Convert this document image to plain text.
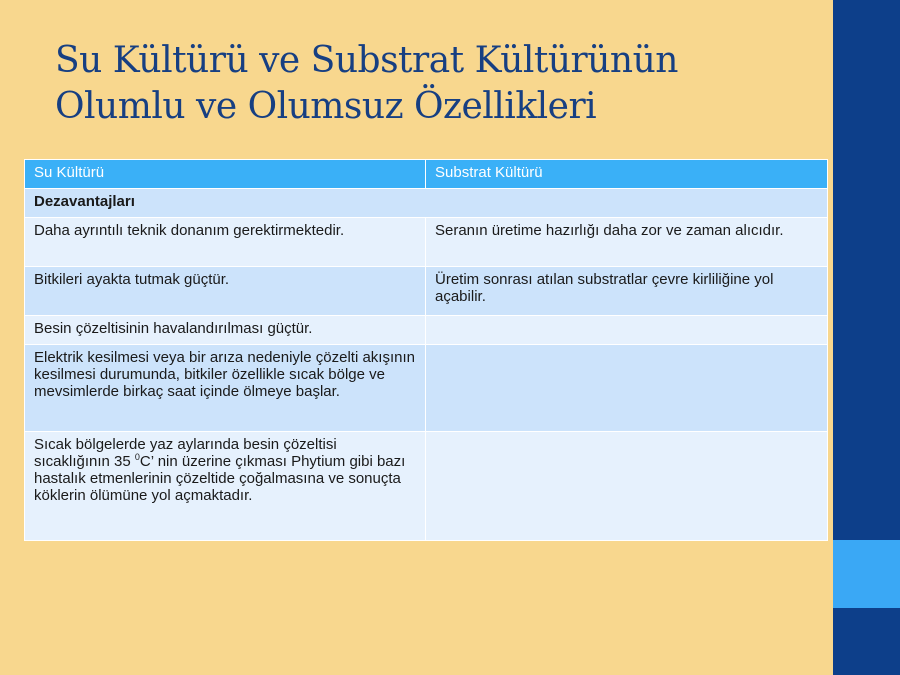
Su Kültürü ve Substrat Kültürünün Olumlu ve Olumsuz Özellikleri
Su Kültürü	Substrat Kültürü
Dezavantajları	
Daha ayrıntılı teknik donanım gerektirmektedir.	Seranın üretime hazırlığı daha zor ve zaman alıcıdır.
Bitkileri ayakta tutmak güçtür.	Üretim sonrası atılan substratlar çevre kirliliğine yol açabilir.
Besin çözeltisinin havalandırılması güçtür.	
Elektrik kesilmesi veya bir arıza nedeniyle çözelti akışının kesilmesi durumunda, bitkiler özellikle sıcak bölge ve mevsimlerde birkaç saat içinde ölmeye başlar.	
Sıcak bölgelerde yaz aylarında besin çözeltisi sıcaklığının 35 $^0$C’ nin üzerine çıkması Phytium gibi bazı hastalık etmenlerinin çözeltide çoğalmasına ve sonuçta köklerin ölümüne yol açmaktadır.	
